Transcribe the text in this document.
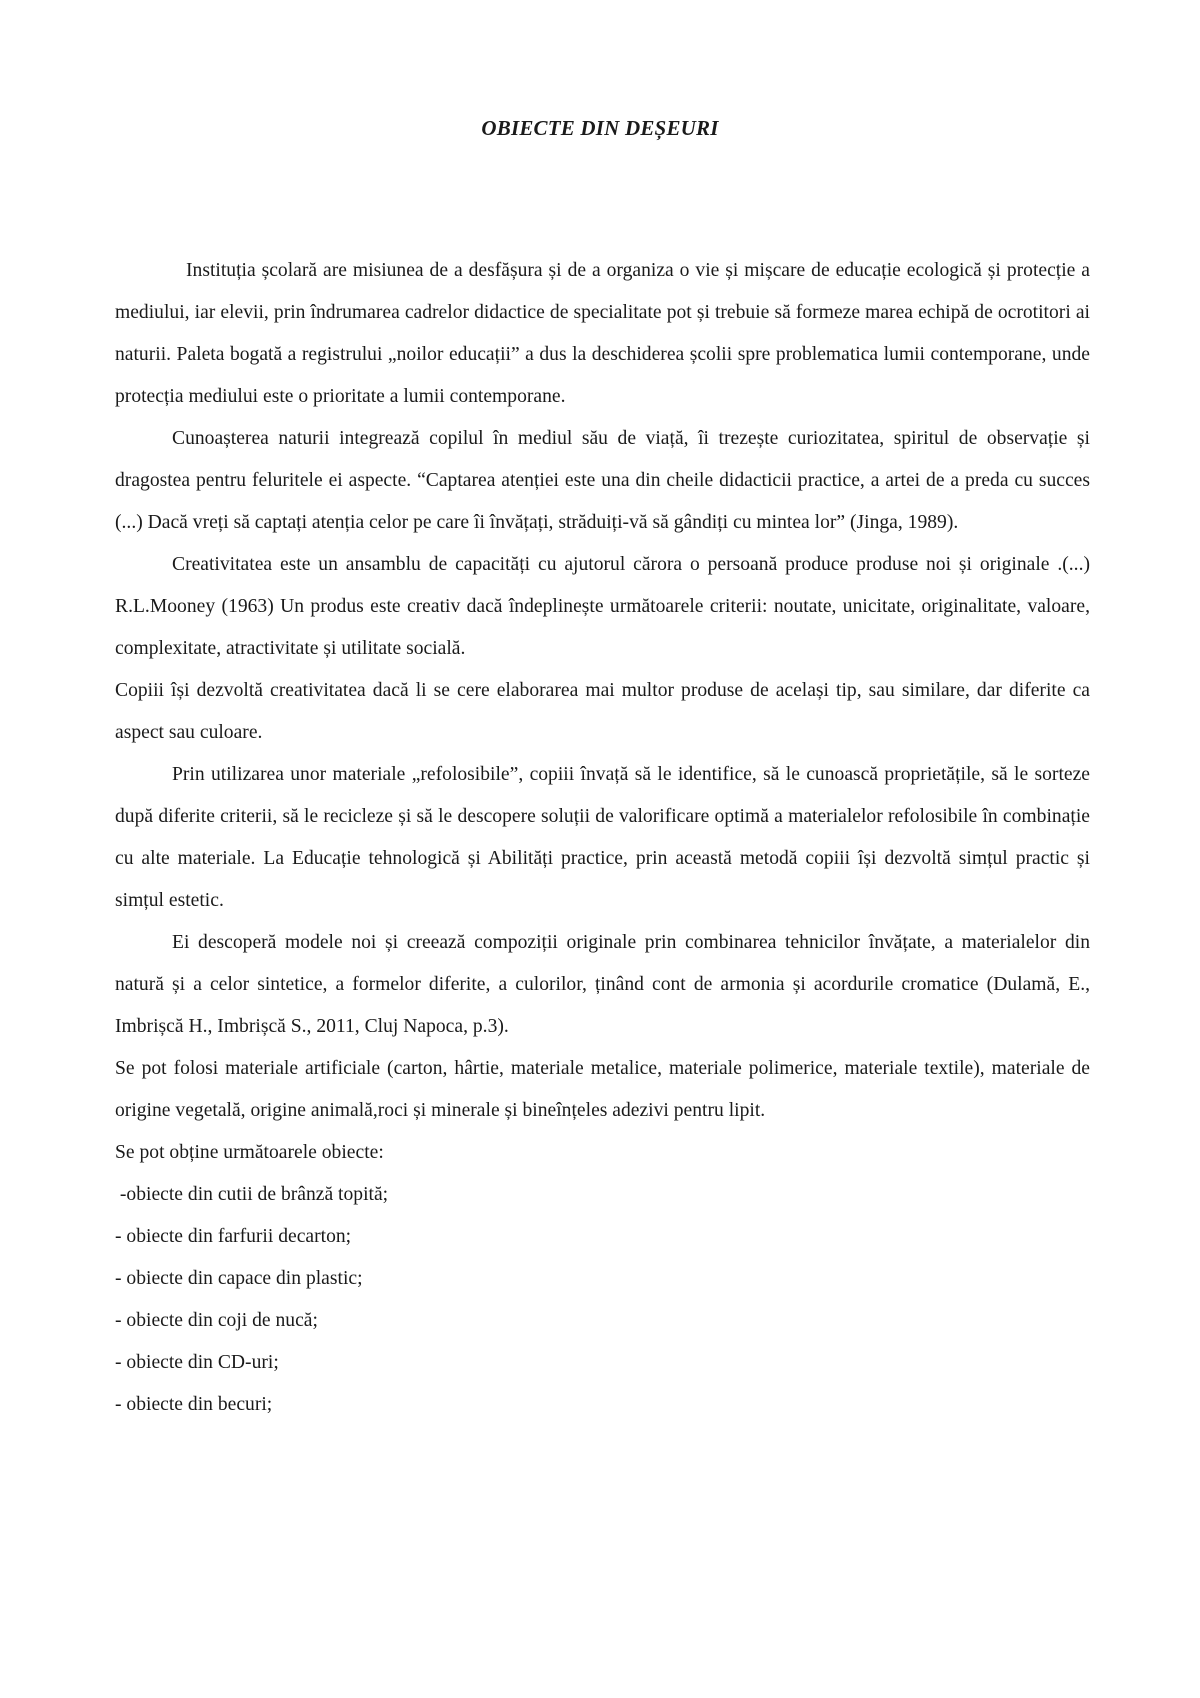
OBIECTE DIN DEȘEURI

Instituția școlară are misiunea de a desfășura și de a organiza o vie și mișcare de educație ecologică și protecție a mediului, iar elevii, prin îndrumarea cadrelor didactice de specialitate pot și trebuie să formeze marea echipă de ocrotitori ai naturii. Paleta bogată a registrului „noilor educații” a dus la deschiderea școlii spre problematica lumii contemporane, unde protecția mediului este o prioritate a lumii contemporane.

Cunoașterea naturii integrează copilul în mediul său de viață, îi trezește curiozitatea, spiritul de observație și dragostea pentru feluritele ei aspecte. “Captarea atenției este una din cheile didacticii practice, a artei de a preda cu succes (...) Dacă vreți să captați atenția celor pe care îi învățați, străduiți-vă să gândiți cu mintea lor” (Jinga, 1989).

Creativitatea este un ansamblu de capacități cu ajutorul cărora o persoană produce produse noi și originale .(...) R.L.Mooney (1963) Un produs este creativ dacă îndeplinește următoarele criterii: noutate, unicitate, originalitate, valoare, complexitate, atractivitate și utilitate socială.

Copiii își dezvoltă creativitatea dacă li se cere elaborarea mai multor produse de același tip, sau similare, dar diferite ca aspect sau culoare.

Prin utilizarea unor materiale „refolosibile”, copiii învață să le identifice, să le cunoască proprietățile, să le sorteze după diferite criterii, să le recicleze și să le descopere soluții de valorificare optimă a materialelor refolosibile în combinație cu alte materiale. La Educație tehnologică și Abilități practice, prin această metodă copiii își dezvoltă simțul practic și simțul estetic.

Ei descoperă modele noi și creează compoziții originale prin combinarea tehnicilor învățate, a materialelor din natură și a celor sintetice, a formelor diferite, a culorilor, ținând cont de armonia și acordurile cromatice (Dulamă, E., Imbrișcă H., Imbrișcă S., 2011, Cluj Napoca, p.3).

Se pot folosi materiale artificiale (carton, hârtie, materiale metalice, materiale polimerice, materiale textile), materiale de origine vegetală, origine animală,roci și minerale și bineînțeles adezivi pentru lipit.

Se pot obține următoarele obiecte:

-obiecte din cutii de brânză topită;
- obiecte din farfurii decarton;
- obiecte din capace din plastic;
- obiecte din coji de nucă;
- obiecte din CD-uri;
- obiecte din becuri;
